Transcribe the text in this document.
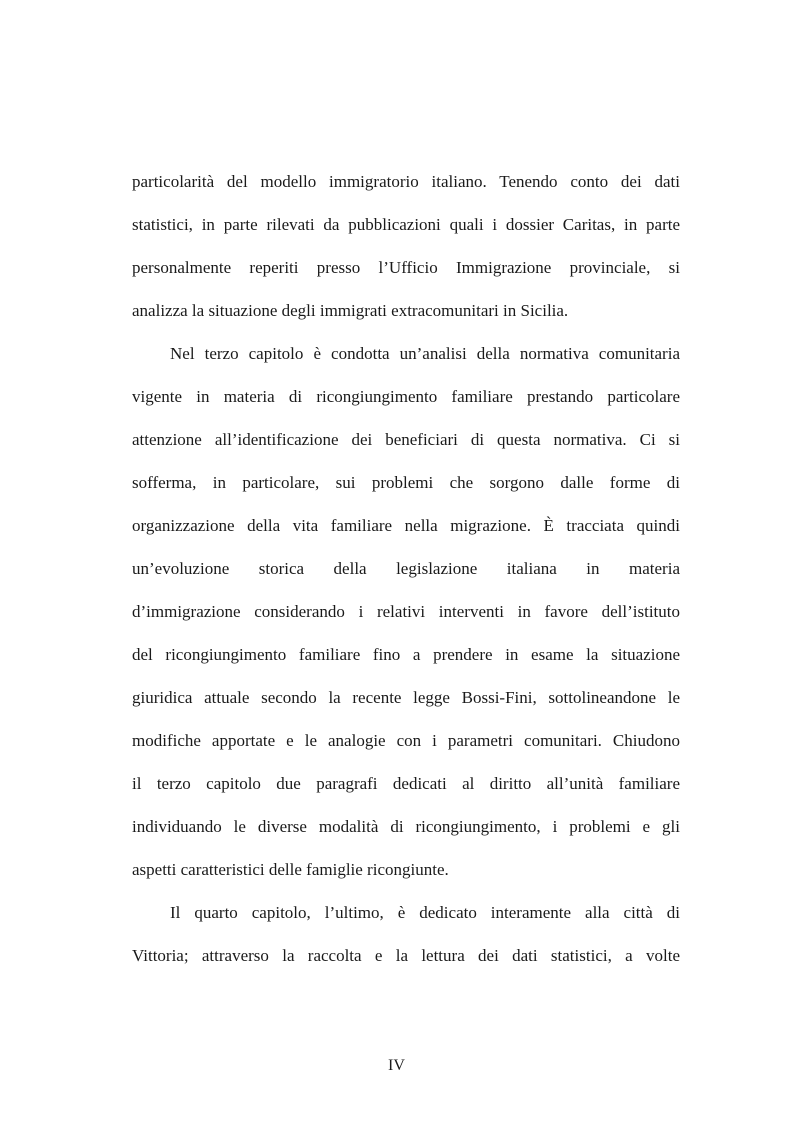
particolarità del modello immigratorio italiano. Tenendo conto dei dati
statistici, in parte rilevati da pubblicazioni quali i dossier Caritas, in parte
personalmente reperiti presso l’Ufficio Immigrazione provinciale, si
analizza la situazione degli immigrati extracomunitari in Sicilia.
Nel terzo capitolo è condotta un’analisi della normativa comunitaria
vigente in materia di ricongiungimento familiare prestando particolare
attenzione all’identificazione dei beneficiari di questa normativa. Ci si
sofferma, in particolare, sui problemi che sorgono dalle forme di
organizzazione della vita familiare nella migrazione. È tracciata quindi
un’evoluzione storica della legislazione italiana in materia
d’immigrazione considerando i relativi interventi in favore dell’istituto
del ricongiungimento familiare fino a prendere in esame la situazione
giuridica attuale secondo la recente legge Bossi-Fini, sottolineandone le
modifiche apportate e le analogie con i parametri comunitari. Chiudono
il terzo capitolo due paragrafi dedicati al diritto all’unità familiare
individuando le diverse modalità di ricongiungimento, i problemi e gli
aspetti caratteristici delle famiglie ricongiunte.
Il quarto capitolo, l’ultimo, è dedicato interamente alla città di
Vittoria; attraverso la raccolta e la lettura dei dati statistici, a volte
IV
